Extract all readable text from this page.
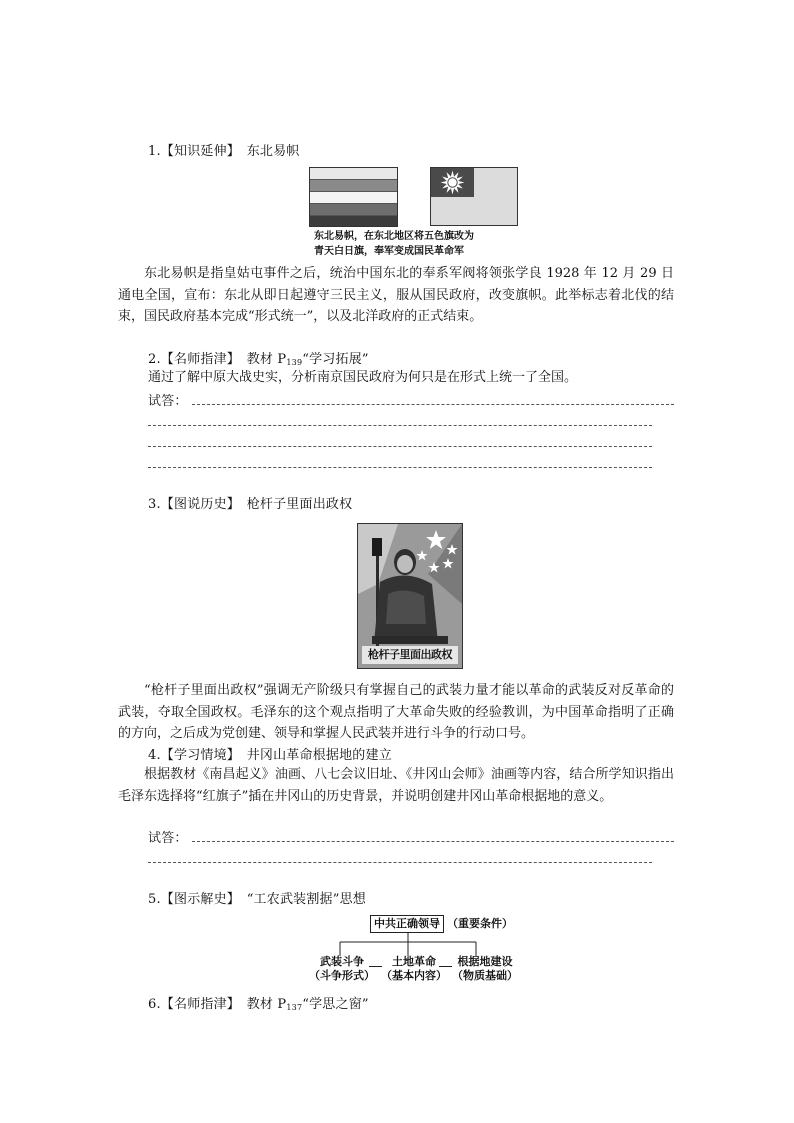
1.【知识延伸】　东北易帜
东北易帜，在东北地区将五色旗改为
青天白日旗，奉军变成国民革命军
东北易帜是指皇姑屯事件之后，统治中国东北的奉系军阀将领张学良 1928 年 12 月 29 日通电全国，宣布：东北从即日起遵守三民主义，服从国民政府，改变旗帜。此举标志着北伐的结束，国民政府基本完成“形式统一”，以及北洋政府的正式结束。
2.【名师指津】　教材 $P_{139}“$学习拓展”
通过了解中原大战史实，分析南京国民政府为何只是在形式上统一了全国。
试答：
3.【图说历史】　枪杆子里面出政权
枪杆子里面出政权
“枪杆子里面出政权”强调无产阶级只有掌握自己的武装力量才能以革命的武装反对反革命的武装，夺取全国政权。毛泽东的这个观点指明了大革命失败的经验教训，为中国革命指明了正确的方向，之后成为党创建、领导和掌握人民武装并进行斗争的行动口号。
4.【学习情境】　井冈山革命根据地的建立
根据教材《南昌起义》油画、八七会议旧址、《井冈山会师》油画等内容，结合所学知识指出毛泽东选择将“红旗子”插在井冈山的历史背景，并说明创建井冈山革命根据地的意义。
试答：
5.【图示解史】　“工农武装割据”思想
中共正确领导 （重要条件）
武装斗争
（斗争形式）
土地革命
（基本内容）
根据地建设
（物质基础）
6.【名师指津】　教材 $P_{137}“$学思之窗”
